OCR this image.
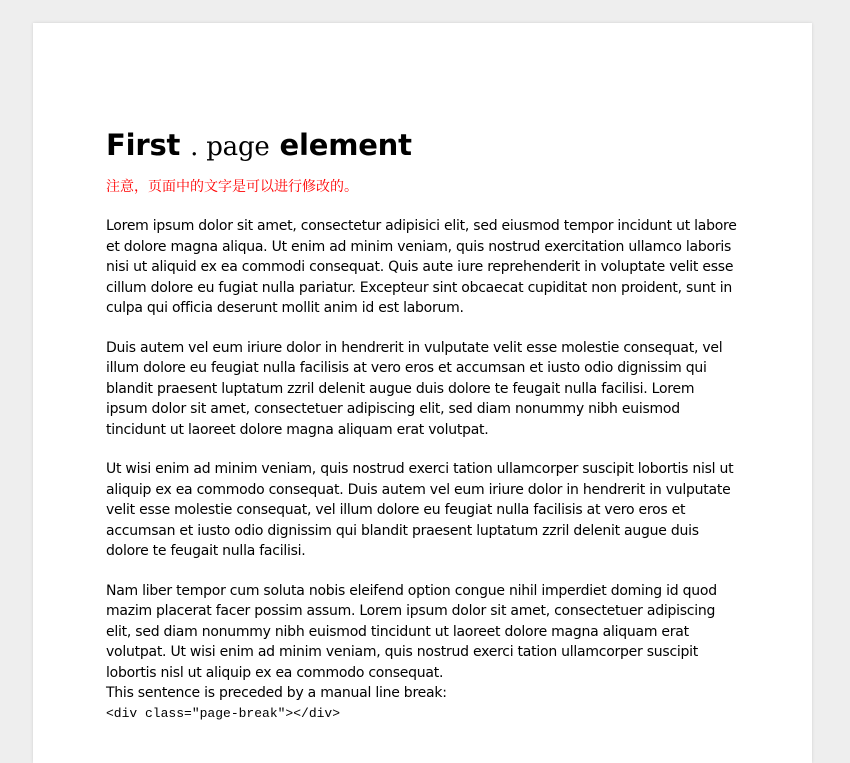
First . page element
注意，页面中的文字是可以进行修改的。

Lorem ipsum dolor sit amet, consectetur adipisici elit, sed eiusmod tempor incidunt ut labore et dolore magna aliqua. Ut enim ad minim veniam, quis nostrud exercitation ullamco laboris nisi ut aliquid ex ea commodi consequat. Quis aute iure reprehenderit in voluptate velit esse cillum dolore eu fugiat nulla pariatur. Excepteur sint obcaecat cupiditat non proident, sunt in culpa qui officia deserunt mollit anim id est laborum.

Duis autem vel eum iriure dolor in hendrerit in vulputate velit esse molestie consequat, vel illum dolore eu feugiat nulla facilisis at vero eros et accumsan et iusto odio dignissim qui blandit praesent luptatum zzril delenit augue duis dolore te feugait nulla facilisi. Lorem ipsum dolor sit amet, consectetuer adipiscing elit, sed diam nonummy nibh euismod tincidunt ut laoreet dolore magna aliquam erat volutpat.

Ut wisi enim ad minim veniam, quis nostrud exerci tation ullamcorper suscipit lobortis nisl ut aliquip ex ea commodo consequat. Duis autem vel eum iriure dolor in hendrerit in vulputate velit esse molestie consequat, vel illum dolore eu feugiat nulla facilisis at vero eros et accumsan et iusto odio dignissim qui blandit praesent luptatum zzril delenit augue duis dolore te feugait nulla facilisi.

Nam liber tempor cum soluta nobis eleifend option congue nihil imperdiet doming id quod mazim placerat facer possim assum. Lorem ipsum dolor sit amet, consectetuer adipiscing elit, sed diam nonummy nibh euismod tincidunt ut laoreet dolore magna aliquam erat volutpat. Ut wisi enim ad minim veniam, quis nostrud exerci tation ullamcorper suscipit lobortis nisl ut aliquip ex ea commodo consequat.

This sentence is preceded by a manual line break:
<div class="page-break"></div>
